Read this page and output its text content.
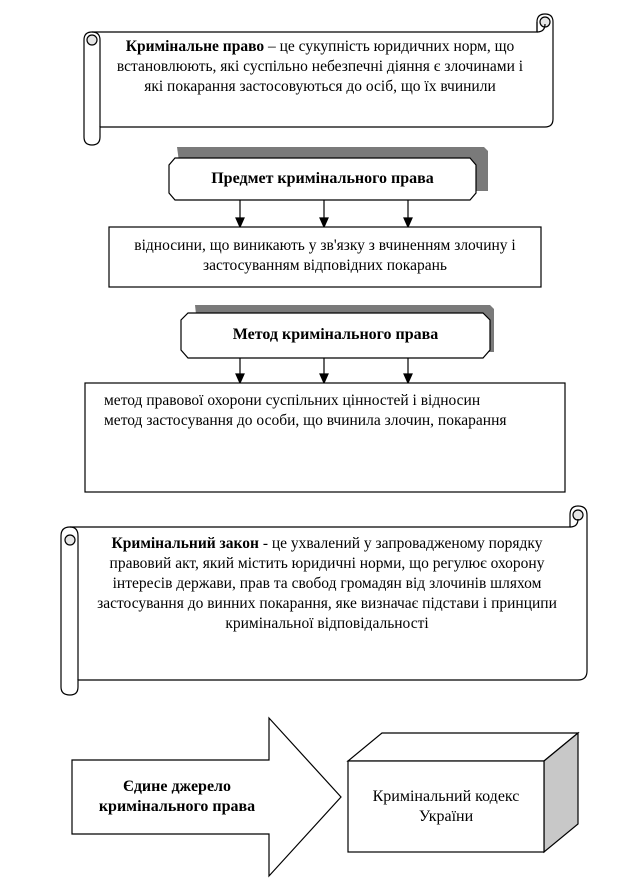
Кримінальне право – це сукупність юридичних норм, що встановлюють, які суспільно небезпечні діяння є злочинами і які покарання застосовуються до осіб, що їх вчинили
Предмет кримінального права
відносини, що виникають у зв'язку з вчиненням злочину і застосуванням відповідних покарань
Метод кримінального права
метод правової охорони суспільних цінностей і відносин
метод застосування до особи, що вчинила злочин, покарання
Кримінальний закон - це ухвалений у запровадженому порядку правовий акт, який містить юридичні норми, що регулює охорону інтересів держави, прав та свобод громадян від злочинів шляхом застосування до винних покарання, яке визначає підстави і принципи кримінальної відповідальності
Єдине джерело кримінального права
Кримінальний кодекс України
